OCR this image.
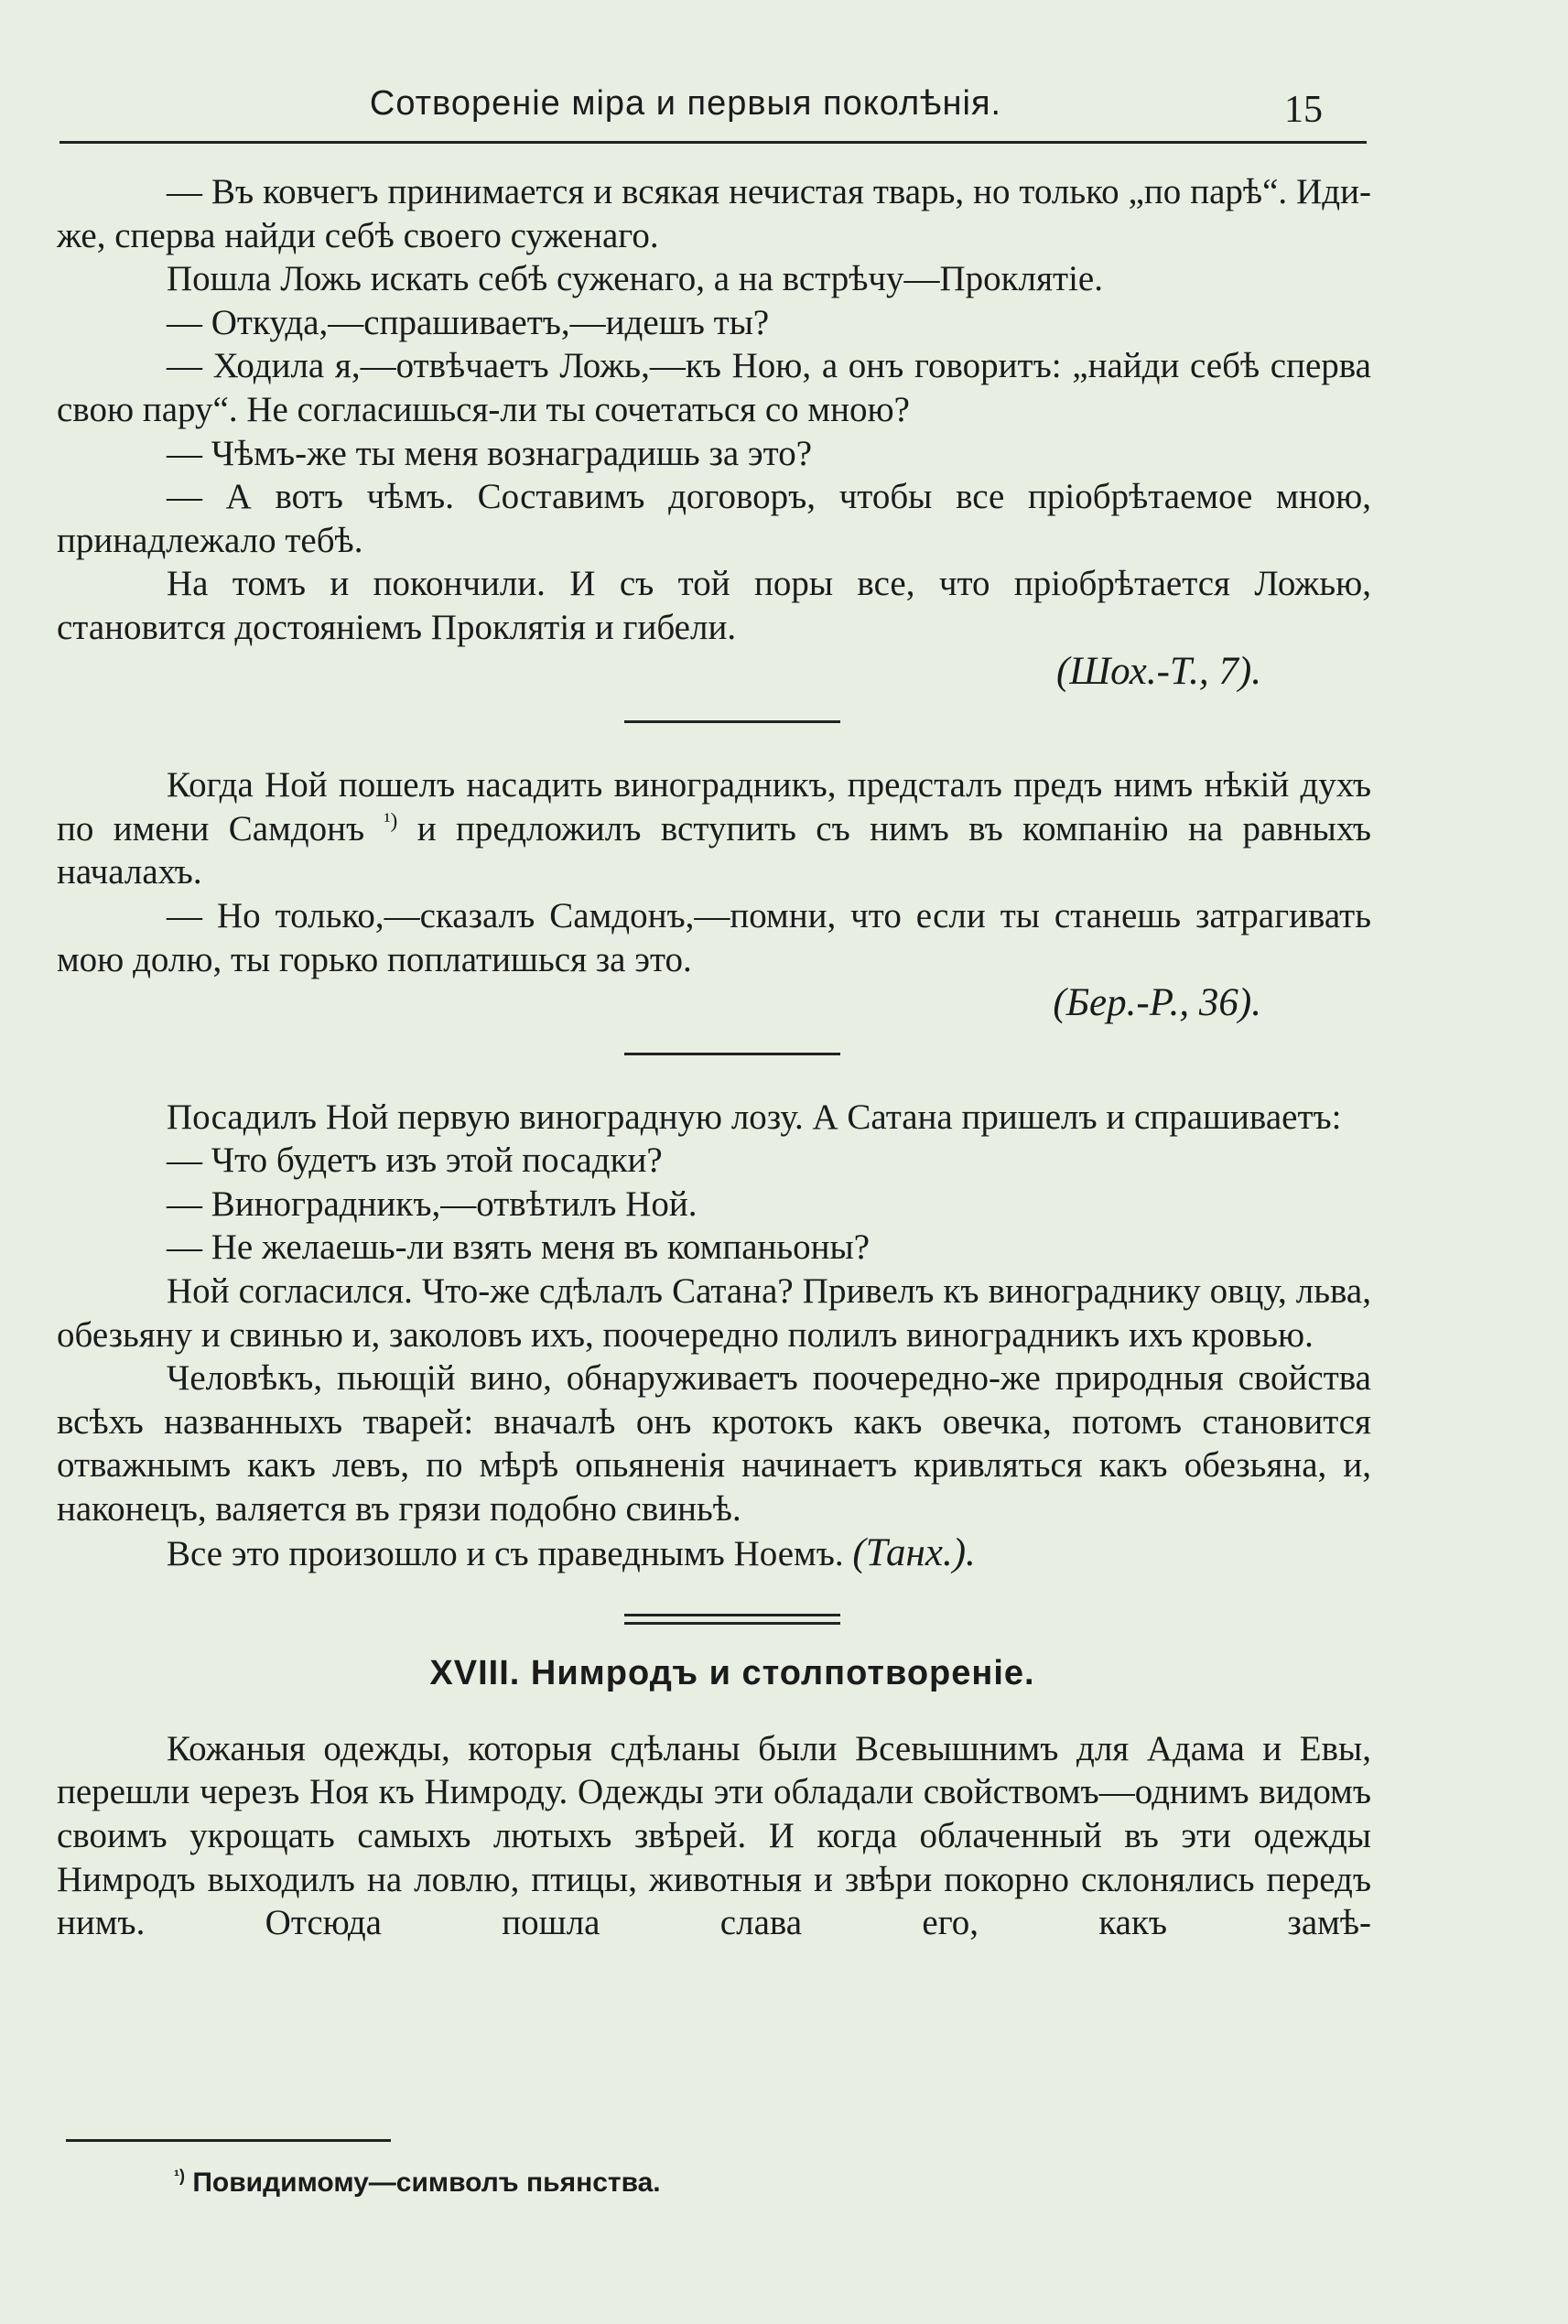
Сотворенiе мiра и первыя поколѣнiя.	15

— Въ ковчегъ принимается и всякая нечистая тварь, но только „по парѣ“. Иди-же, сперва найди себѣ своего суженаго.

Пошла Ложь искать себѣ суженаго, а на встрѣчу—Проклятiе.

— Откуда,—спрашиваетъ,—идешъ ты?

— Ходила я,—отвѣчаетъ Ложь,—къ Ною, а онъ говоритъ: „найди себѣ сперва свою пару“. Не согласишься-ли ты сочетаться со мною?

— Чѣмъ-же ты меня вознаградишь за это?

— А вотъ чѣмъ. Составимъ договоръ, чтобы все прiобрѣтаемое мною, принадлежало тебѣ.

На томъ и покончили. И съ той поры все, что прiобрѣтается Ложью, становится достоянiемъ Проклятiя и гибели.

(Шох.-Т., 7).

Когда Ной пошелъ насадить виноградникъ, предсталъ предъ нимъ нѣкiй духъ по имени Самдонъ $^{^1)}$ и предложилъ вступить съ нимъ въ компанiю на равныхъ началахъ.

— Но только,—сказалъ Самдонъ,—помни, что если ты станешь затрагивать мою долю, ты горько поплатишься за это.

(Бер.-Р., 36).

Посадилъ Ной первую виноградную лозу. А Сатана пришелъ и спрашиваетъ:

— Что будетъ изъ этой посадки?

— Виноградникъ,—отвѣтилъ Ной.

— Не желаешь-ли взять меня въ компаньоны?

Ной согласился. Что-же сдѣлалъ Сатана? Привелъ къ винограднику овцу, льва, обезьяну и свинью и, заколовъ ихъ, поочередно полилъ виноградникъ ихъ кровью.

Человѣкъ, пьющiй вино, обнаруживаетъ поочередно-же природныя свойства всѣхъ названныхъ тварей: вначалѣ онъ кротокъ какъ овечка, потомъ становится отважнымъ какъ левъ, по мѣрѣ опьяненiя начинаетъ кривляться какъ обезьяна, и, наконецъ, валяется въ грязи подобно свиньѣ.

Все это произошло и съ праведнымъ Ноемъ. (Танх.).

XVIII. Нимродъ и столпотворенiе.

Кожаныя одежды, которыя сдѣланы были Всевышнимъ для Адама и Евы, перешли черезъ Ноя къ Нимроду. Одежды эти обладали свойствомъ—однимъ видомъ своимъ укрощать самыхъ лютыхъ звѣрей. И когда облаченный въ эти одежды Нимродъ выходилъ на ловлю, птицы, животныя и звѣри покорно склонялись передъ нимъ. Отсюда пошла слава его, какъ замѣ-

$^{^1)}$ Повидимому—символъ пьянства.
